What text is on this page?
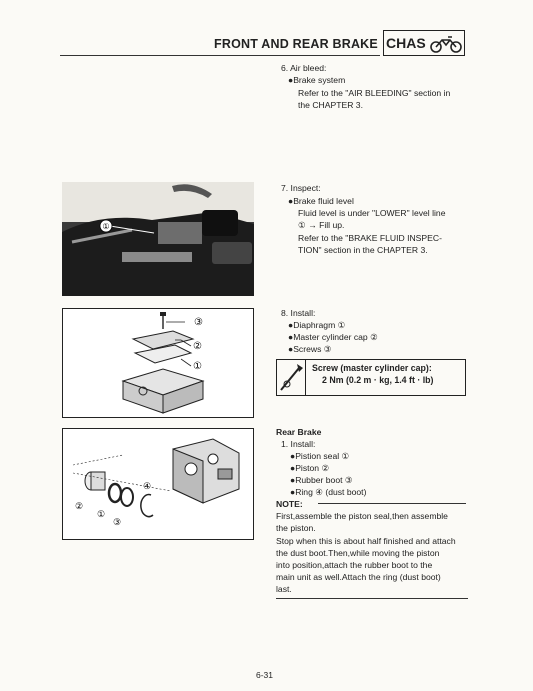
FRONT AND REAR BRAKE CHAS
6. Air bleed:
●Brake system
Refer to the "AIR BLEEDING" section in
the CHAPTER 3.
①
7. Inspect:
●Brake fluid level
Fluid level is under "LOWER" level line
① → Fill up.
Refer to the "BRAKE FLUID INSPEC-
TION" section in the CHAPTER 3.
③
②
①
8. Install:
●Diaphragm ①
●Master cylinder cap ②
●Screws ③
Screw (master cylinder cap):
2 Nm (0.2 m · kg, 1.4 ft · lb)
④
②
①
③
Rear Brake
1. Install:
●Pistion seal ①
●Piston ②
●Rubber boot ③
●Ring ④ (dust boot)
NOTE:
First,assemble the piston seal,then assemble
the piston.
Stop when this is about half finished and attach
the dust boot.Then,while moving the piston
into position,attach the rubber boot to the
main unit as well.Attach the ring (dust boot)
last.
6-31
